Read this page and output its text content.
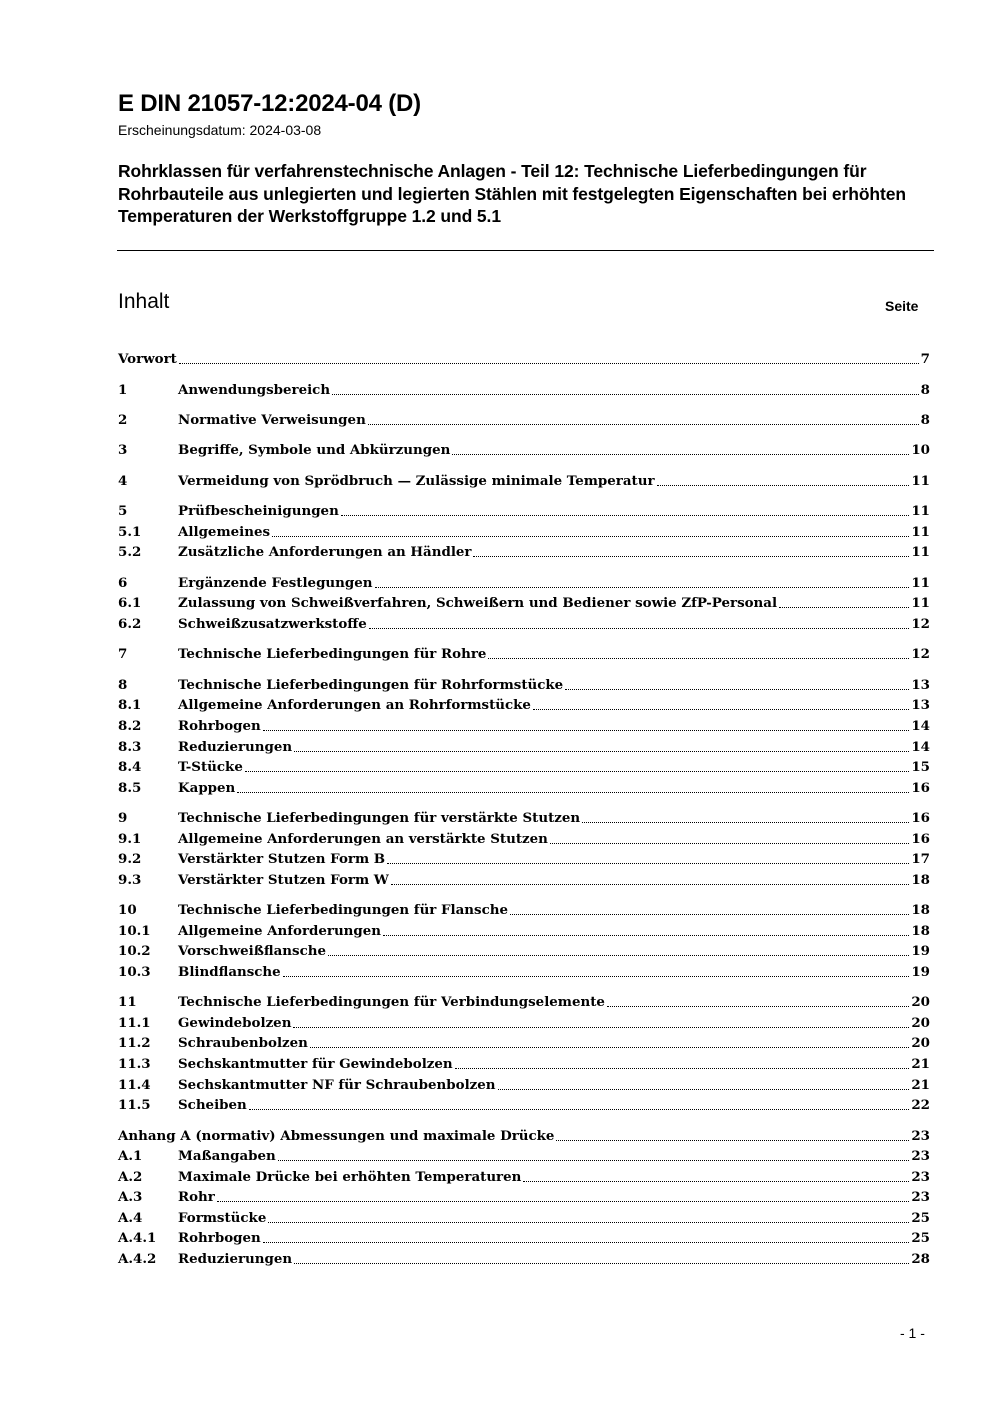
E DIN 21057-12:2024-04 (D)
Erscheinungsdatum: 2024-03-08
Rohrklassen für verfahrenstechnische Anlagen - Teil 12: Technische Lieferbedingungen für Rohrbauteile aus unlegierten und legierten Stählen mit festgelegten Eigenschaften bei erhöhten Temperaturen der Werkstoffgruppe 1.2 und 5.1
Inhalt	Seite
Vorwort	7
1	Anwendungsbereich	8
2	Normative Verweisungen	8
3	Begriffe, Symbole und Abkürzungen	10
4	Vermeidung von Sprödbruch — Zulässige minimale Temperatur	11
5	Prüfbescheinigungen	11
5.1	Allgemeines	11
5.2	Zusätzliche Anforderungen an Händler	11
6	Ergänzende Festlegungen	11
6.1	Zulassung von Schweißverfahren, Schweißern und Bediener sowie ZfP-Personal	11
6.2	Schweißzusatzwerkstoffe	12
7	Technische Lieferbedingungen für Rohre	12
8	Technische Lieferbedingungen für Rohrformstücke	13
8.1	Allgemeine Anforderungen an Rohrformstücke	13
8.2	Rohrbogen	14
8.3	Reduzierungen	14
8.4	T-Stücke	15
8.5	Kappen	16
9	Technische Lieferbedingungen für verstärkte Stutzen	16
9.1	Allgemeine Anforderungen an verstärkte Stutzen	16
9.2	Verstärkter Stutzen Form B	17
9.3	Verstärkter Stutzen Form W	18
10	Technische Lieferbedingungen für Flansche	18
10.1	Allgemeine Anforderungen	18
10.2	Vorschweißflansche	19
10.3	Blindflansche	19
11	Technische Lieferbedingungen für Verbindungselemente	20
11.1	Gewindebolzen	20
11.2	Schraubenbolzen	20
11.3	Sechskantmutter für Gewindebolzen	21
11.4	Sechskantmutter NF für Schraubenbolzen	21
11.5	Scheiben	22
Anhang A (normativ) Abmessungen und maximale Drücke	23
A.1	Maßangaben	23
A.2	Maximale Drücke bei erhöhten Temperaturen	23
A.3	Rohr	23
A.4	Formstücke	25
A.4.1	Rohrbogen	25
A.4.2	Reduzierungen	28
- 1 -
